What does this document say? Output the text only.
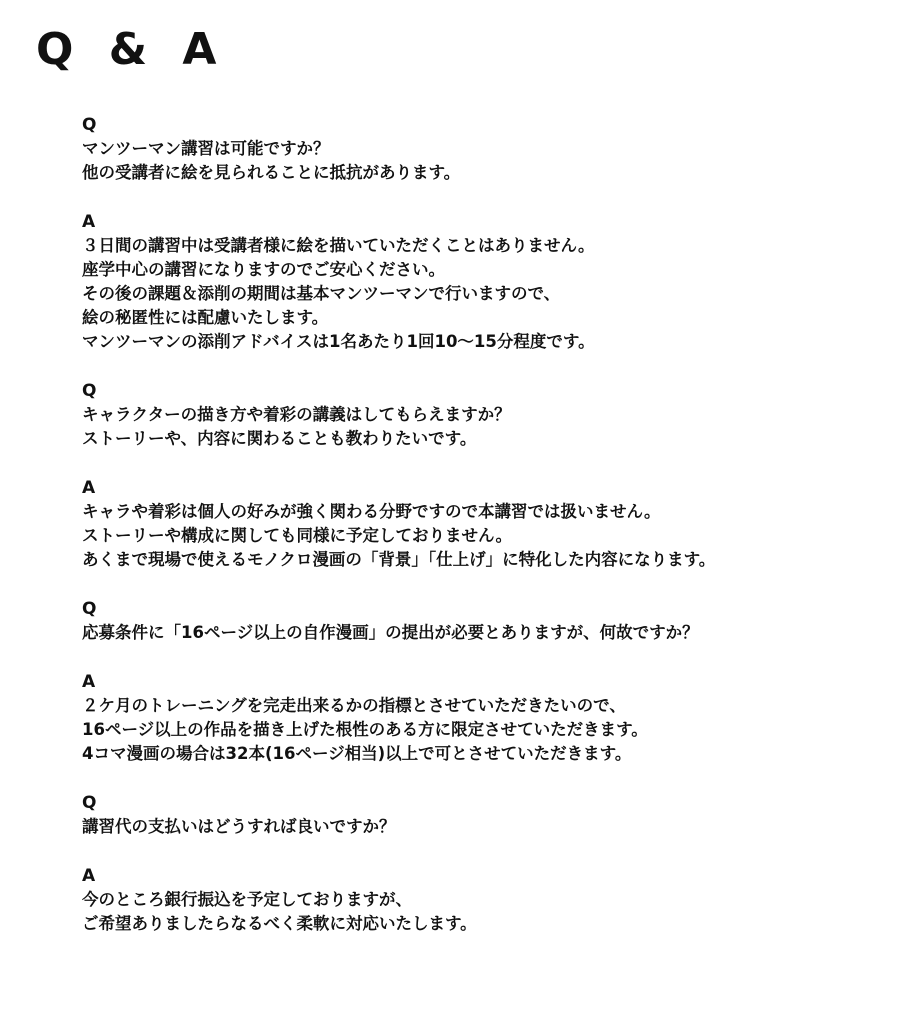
Q & A

Q

マンツーマン講習は可能ですか？

他の受講者に絵を見られることに抵抗があります。

A

３日間の講習中は受講者様に絵を描いていただくことはありません。

座学中心の講習になりますのでご安心ください。

その後の課題＆添削の期間は基本マンツーマンで行いますので、

絵の秘匿性には配慮いたします。

マンツーマンの添削アドバイスは1名あたり1回10〜15分程度です。

Q

キャラクターの描き方や着彩の講義はしてもらえますか？

ストーリーや、内容に関わることも教わりたいです。

A

キャラや着彩は個人の好みが強く関わる分野ですので本講習では扱いません。

ストーリーや構成に関しても同様に予定しておりません。

あくまで現場で使えるモノクロ漫画の「背景」「仕上げ」に特化した内容になります。

Q

応募条件に「16ページ以上の自作漫画」の提出が必要とありますが、何故ですか？

A

２ケ月のトレーニングを完走出来るかの指標とさせていただきたいので、

16ページ以上の作品を描き上げた根性のある方に限定させていただきます。

4コマ漫画の場合は32本(16ページ相当)以上で可とさせていただきます。

Q

講習代の支払いはどうすれば良いですか？

A

今のところ銀行振込を予定しておりますが、

ご希望ありましたらなるべく柔軟に対応いたします。
